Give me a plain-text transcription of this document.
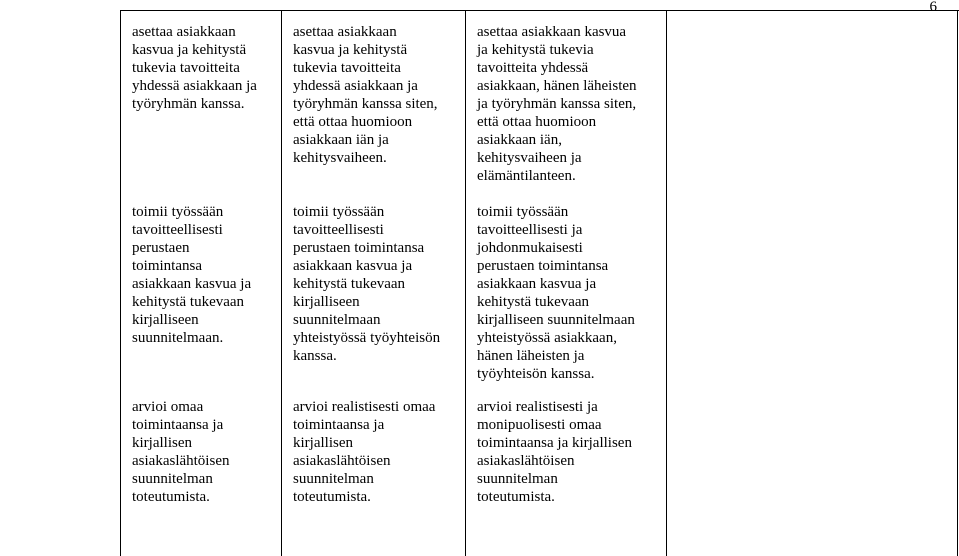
6
asettaa asiakkaan
kasvua ja kehitystä
tukevia tavoitteita
yhdessä asiakkaan ja
työryhmän kanssa.
asettaa asiakkaan
kasvua ja kehitystä
tukevia tavoitteita
yhdessä asiakkaan ja
työryhmän kanssa siten,
että ottaa huomioon
asiakkaan iän ja
kehitysvaiheen.
asettaa asiakkaan kasvua
ja kehitystä tukevia
tavoitteita yhdessä
asiakkaan, hänen läheisten
ja työryhmän kanssa siten,
että ottaa huomioon
asiakkaan iän,
kehitysvaiheen ja
elämäntilanteen.
toimii työssään
tavoitteellisesti
perustaen
toimintansa
asiakkaan kasvua ja
kehitystä tukevaan
kirjalliseen
suunnitelmaan.
toimii työssään
tavoitteellisesti
perustaen toimintansa
asiakkaan kasvua ja
kehitystä tukevaan
kirjalliseen
suunnitelmaan
yhteistyössä työyhteisön
kanssa.
toimii työssään
tavoitteellisesti ja
johdonmukaisesti
perustaen toimintansa
asiakkaan kasvua ja
kehitystä tukevaan
kirjalliseen suunnitelmaan
yhteistyössä asiakkaan,
hänen läheisten ja
työyhteisön kanssa.
arvioi omaa
toimintaansa ja
kirjallisen
asiakaslähtöisen
suunnitelman
toteutumista.
arvioi realistisesti omaa
toimintaansa ja
kirjallisen
asiakaslähtöisen
suunnitelman
toteutumista.
arvioi realistisesti ja
monipuolisesti omaa
toimintaansa ja kirjallisen
asiakaslähtöisen
suunnitelman
toteutumista.
